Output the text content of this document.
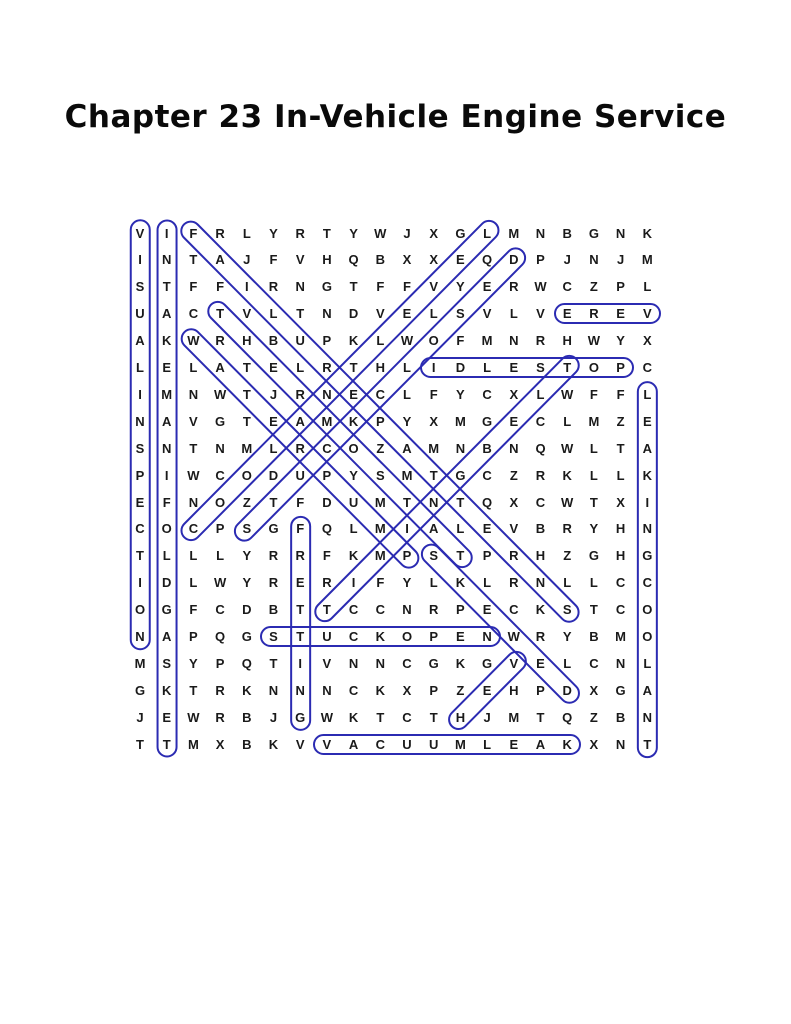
Chapter 23 In-Vehicle Engine Service
V	I	F	R	L	Y	R	T	Y	W	J	X	G	L	M	N	B	G	N	K
I	N	T	A	J	F	V	H	Q	B	X	X	E	Q	D	P	J	N	J	M
S	T	F	F	I	R	N	G	T	F	F	V	Y	E	R	W	C	Z	P	L
U	A	C	T	V	L	T	N	D	V	E	L	S	V	L	V	E	R	E	V
A	K	W	R	H	B	U	P	K	L	W	O	F	M	N	R	H	W	Y	X
L	E	L	A	T	E	L	R	T	H	L	I	D	L	E	S	T	O	P	C
I	M	N	W	T	J	R	N	E	C	L	F	Y	C	X	L	W	F	F	L
N	A	V	G	T	E	A	M	K	P	Y	X	M	G	E	C	L	M	Z	E
S	N	T	N	M	L	R	C	O	Z	A	M	N	B	N	Q	W	L	T	A
P	I	W	C	O	D	U	P	Y	S	M	T	G	C	Z	R	K	L	L	K
E	F	N	O	Z	T	F	D	U	M	T	N	T	Q	X	C	W	T	X	I
C	O	C	P	S	G	F	Q	L	M	I	A	L	E	V	B	R	Y	H	N
T	L	L	L	Y	R	R	F	K	M	P	S	T	P	R	H	Z	G	H	G
I	D	L	W	Y	R	E	R	I	F	Y	L	K	L	R	N	L	L	C	C
O	G	F	C	D	B	T	T	C	C	N	R	P	E	C	K	S	T	C	O
N	A	P	Q	G	S	T	U	C	K	O	P	E	N	W	R	Y	B	M	O
M	S	Y	P	Q	T	I	V	N	N	C	G	K	G	V	E	L	C	N	L
G	K	T	R	K	N	N	N	C	K	X	P	Z	E	H	P	D	X	G	A
J	E	W	R	B	J	G	W	K	T	C	T	H	J	M	T	Q	Z	B	N
T	T	M	X	B	K	V	V	A	C	U	U	M	L	E	A	K	X	N	T
